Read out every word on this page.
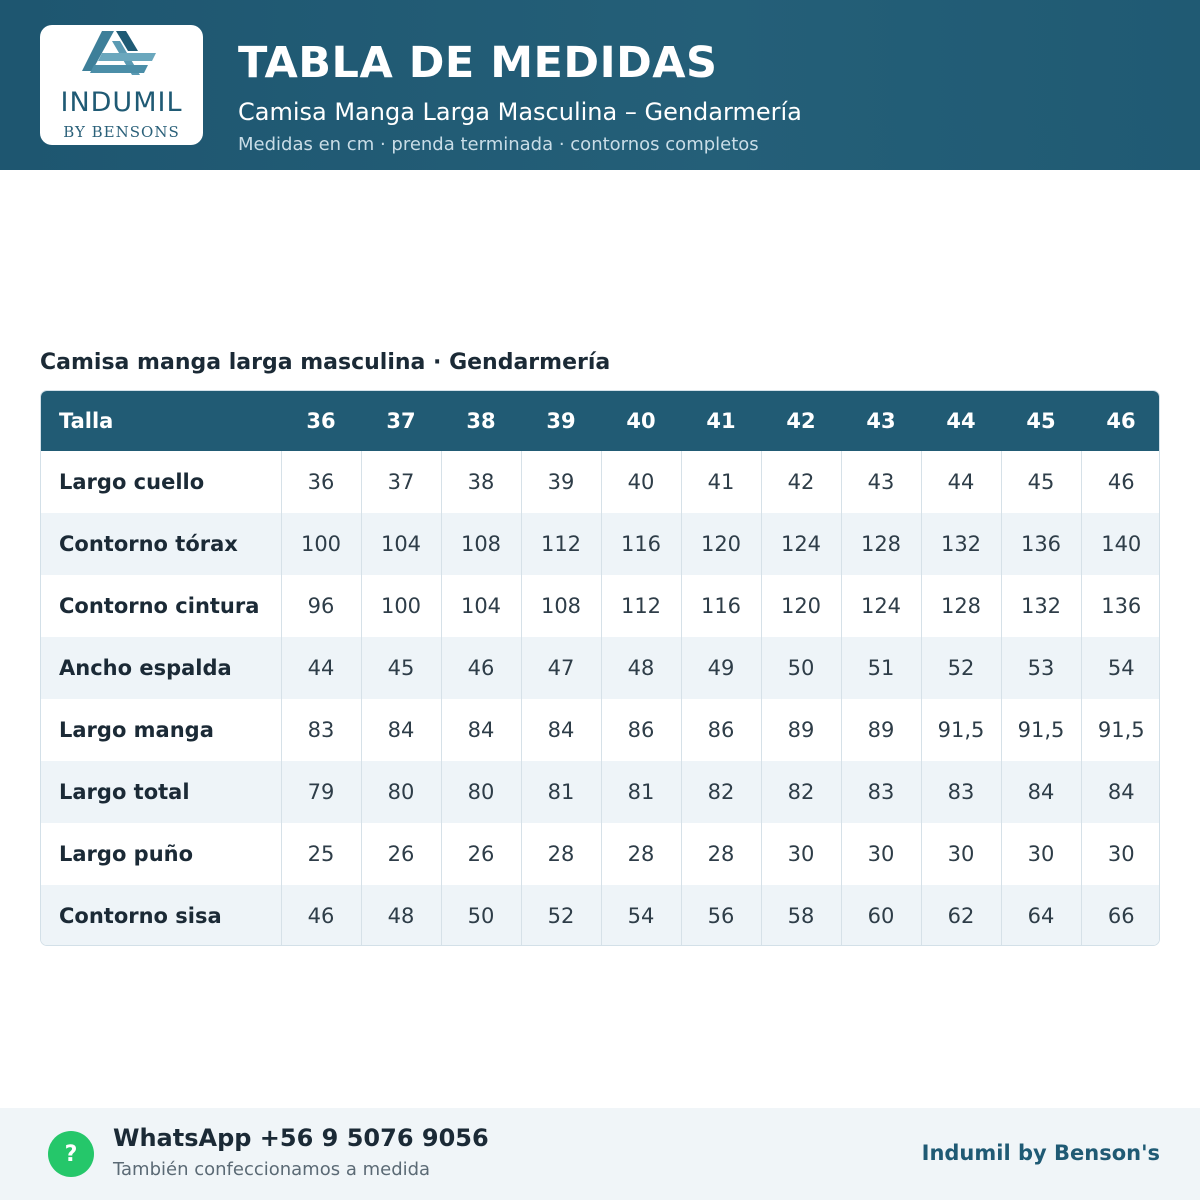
INDUMIL
BY BENSONS
TABLA DE MEDIDAS
Camisa Manga Larga Masculina – Gendarmería
Medidas en cm · prenda terminada · contornos completos
Camisa manga larga masculina · Gendarmería
Talla	36	37	38	39	40	41	42	43	44	45	46
Largo cuello	36	37	38	39	40	41	42	43	44	45	46
Contorno tórax	100	104	108	112	116	120	124	128	132	136	140
Contorno cintura	96	100	104	108	112	116	120	124	128	132	136
Ancho espalda	44	45	46	47	48	49	50	51	52	53	54
Largo manga	83	84	84	84	86	86	89	89	91,5	91,5	91,5
Largo total	79	80	80	81	81	82	82	83	83	84	84
Largo puño	25	26	26	28	28	28	30	30	30	30	30
Contorno sisa	46	48	50	52	54	56	58	60	62	64	66
?
WhatsApp +56 9 5076 9056
También confeccionamos a medida
Indumil by Benson's
